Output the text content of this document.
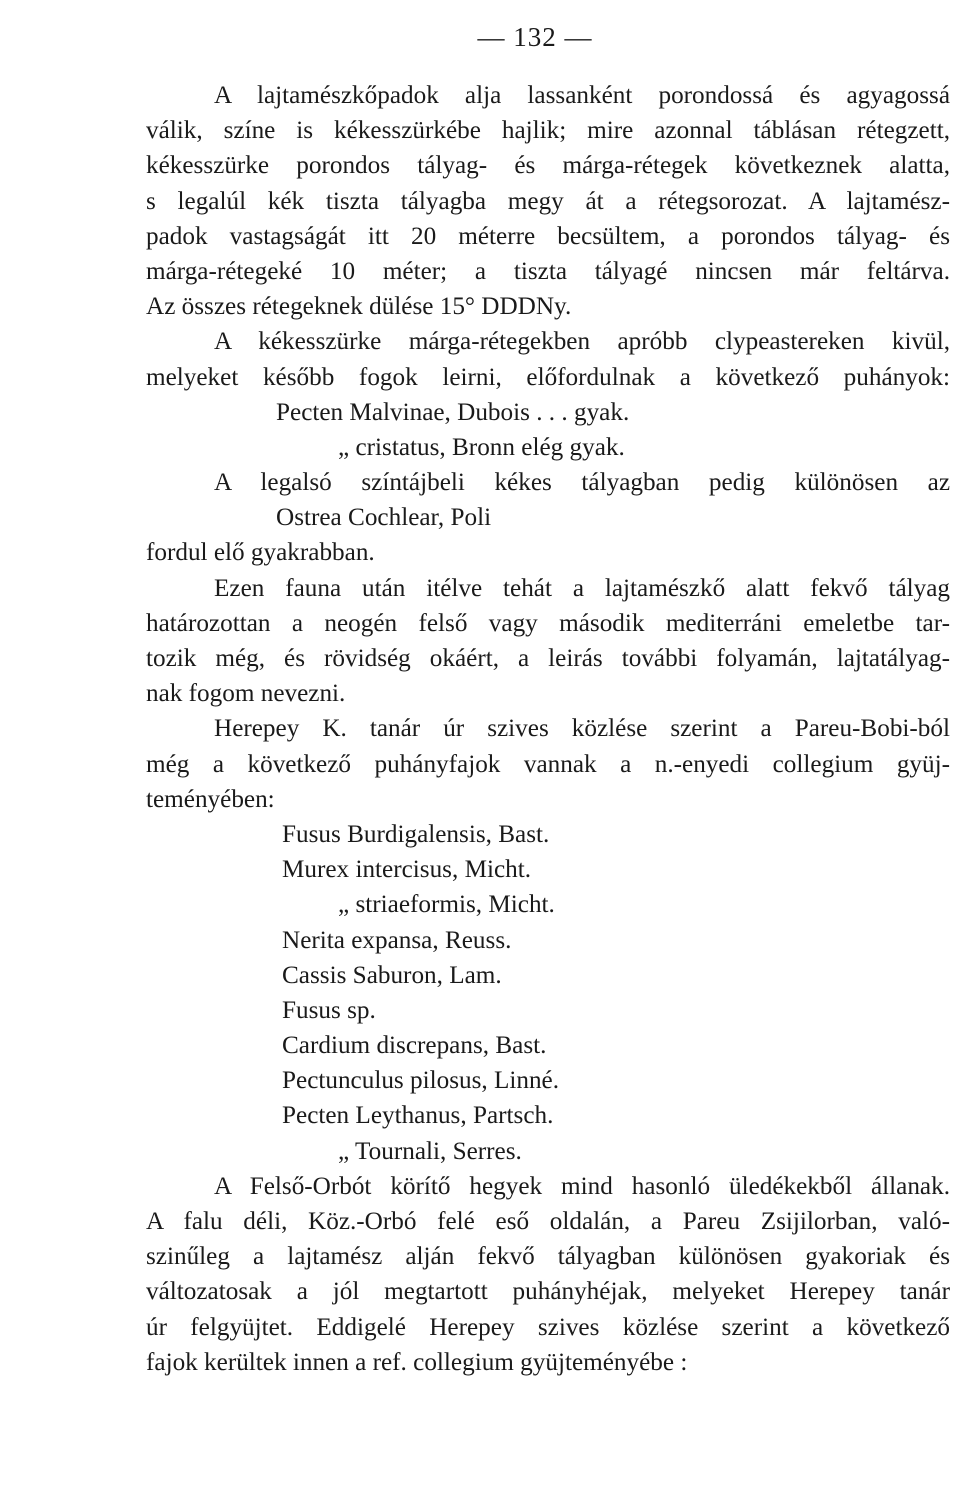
— 132 —
A lajtamészkőpadok alja lassanként porondossá és agyagossá
válik, színe is kékesszürkébe hajlik; mire azonnal táblásan rétegzett,
kékesszürke porondos tályag- és márga-rétegek következnek alatta,
s legalúl kék tiszta tályagba megy át a rétegsorozat. A lajtamész-
padok vastagságát itt 20 méterre becsültem, a porondos tályag- és
márga-rétegeké 10 méter; a tiszta tályagé nincsen már feltárva.
Az összes rétegeknek dülése 15° DDDNy.
A kékesszürke márga-rétegekben apróbb clypeastereken kivül,
melyeket később fogok leirni, előfordulnak a következő puhányok:
Pecten Malvinae, Dubois . . . gyak.
„ cristatus, Bronn elég gyak.
A legalsó színtájbeli kékes tályagban pedig különösen az
Ostrea Cochlear, Poli
fordul elő gyakrabban.
Ezen fauna után itélve tehát a lajtamészkő alatt fekvő tályag
határozottan a neogén felső vagy második mediterráni emeletbe tar-
tozik még, és rövidség okáért, a leirás további folyamán, lajtatályag-
nak fogom nevezni.
Herepey K. tanár úr szives közlése szerint a Pareu-Bobi-ból
még a következő puhányfajok vannak a n.-enyedi collegium gyüj-
teményében:
Fusus Burdigalensis, Bast.
Murex intercisus, Micht.
„ striaeformis, Micht.
Nerita expansa, Reuss.
Cassis Saburon, Lam.
Fusus sp.
Cardium discrepans, Bast.
Pectunculus pilosus, Linné.
Pecten Leythanus, Partsch.
„ Tournali, Serres.
A Felső-Orbót körítő hegyek mind hasonló üledékekből állanak.
A falu déli, Köz.-Orbó felé eső oldalán, a Pareu Zsijilorban, való-
szinűleg a lajtamész alján fekvő tályagban különösen gyakoriak és
változatosak a jól megtartott puhányhéjak, melyeket Herepey tanár
úr felgyüjtet. Eddigelé Herepey szives közlése szerint a következő
fajok kerültek innen a ref. collegium gyüjteményébe :
